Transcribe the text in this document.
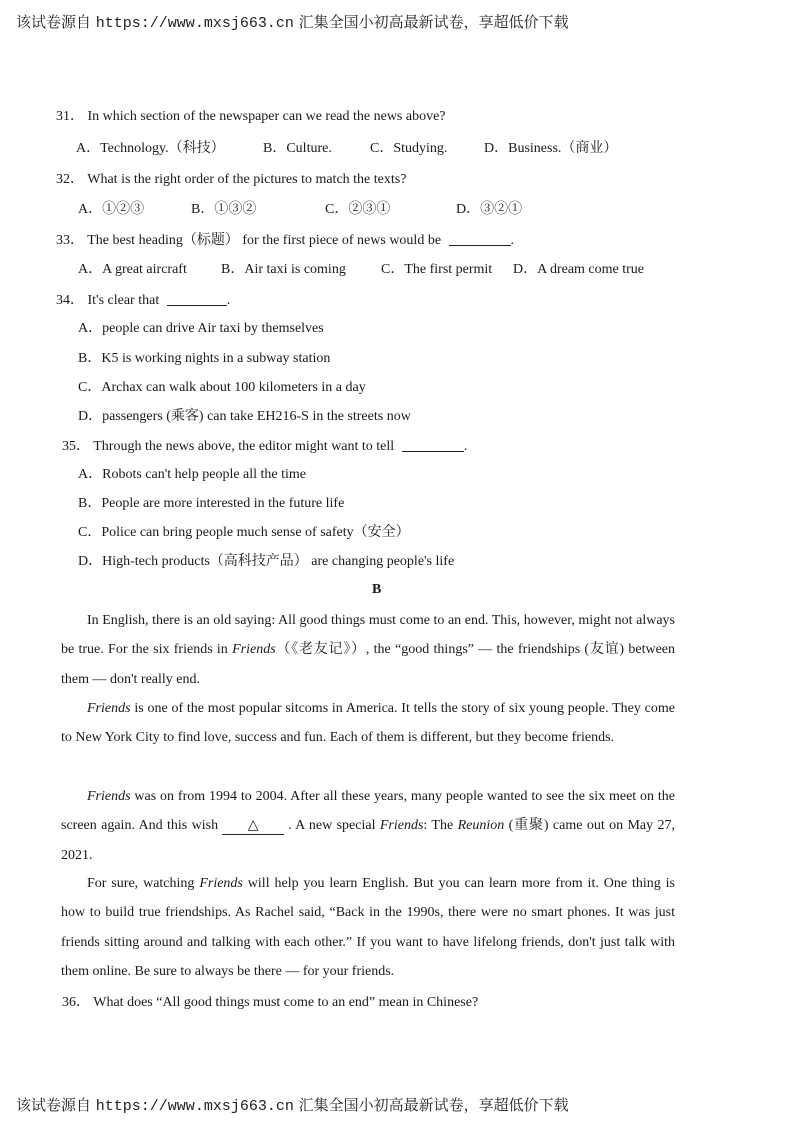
该试卷源自 https://www.mxsj663.cn 汇集全国小初高最新试卷，享超低价下载
31． In which section of the newspaper can we read the news above?
A．Technology.（科技）	B．Culture.	C．Studying.	D．Business.（商业）
32． What is the right order of the pictures to match the texts?
A．①②③	B．①③②	C．②③①	D．③②①
33． The best heading（标题） for the first piece of news would be	.
A．A great aircraft B．Air taxi is coming	C．The first permit D．A dream come true
34． It's clear that	.
A．people can drive Air taxi by themselves
B．K5 is working nights in a subway station
C．Archax can walk about 100 kilometers in a day
D．passengers (乘客) can take EH216-S in the streets now
35． Through the news above, the editor might want to tell	.
A．Robots can't help people all the time
B．People are more interested in the future life
C．Police can bring people much sense of safety（安全）
D．High-tech products（高科技产品） are changing people's life
B

In English, there is an old saying: All good things must come to an end. This, however, might not always be true. For the six friends in Friends（《老友记》）, the “good things” — the friendships (友谊) between them — don't really end.

Friends is one of the most popular sitcoms in America. It tells the story of six young people. They come to New York City to find love, success and fun. Each of them is different, but they become friends.

Friends was on from 1994 to 2004. After all these years, many people wanted to see the six meet on the screen again. And this wish △ . A new special Friends: The Reunion (重聚) came out on May 27, 2021.

For sure, watching Friends will help you learn English. But you can learn more from it. One thing is how to build true friendships. As Rachel said, “Back in the 1990s, there were no smart phones. It was just friends sitting around and talking with each other.” If you want to have lifelong friends, don't just talk with them online. Be sure to always be there — for your friends.

36． What does “All good things must come to an end” mean in Chinese?
该试卷源自 https://www.mxsj663.cn 汇集全国小初高最新试卷，享超低价下载
